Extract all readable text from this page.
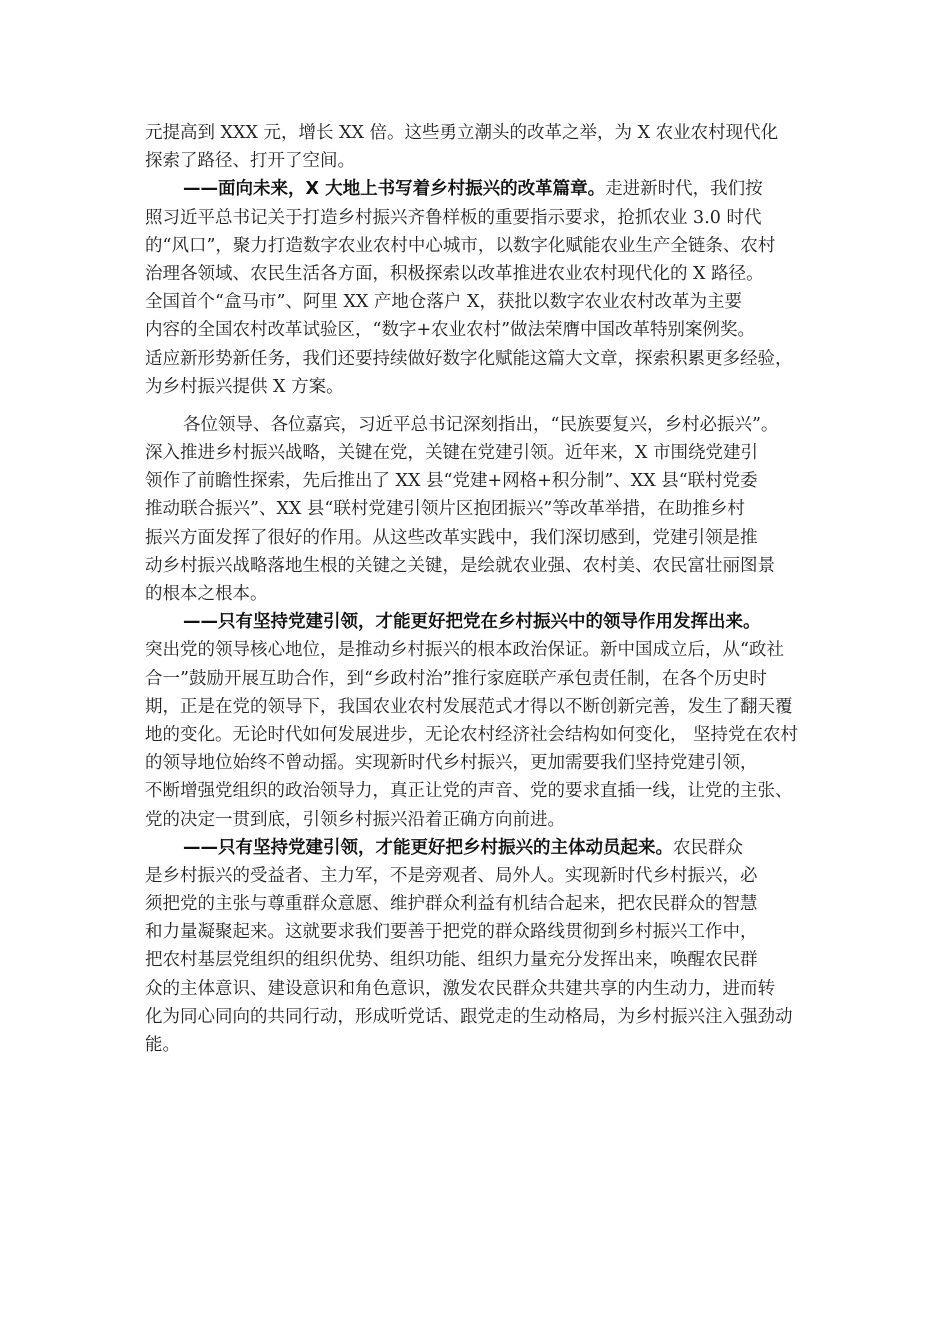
元提高到 XXX 元，增长 XX 倍。这些勇立潮头的改革之举，为 X 农业农村现代化
探索了路径、打开了空间。
——面向未来，X 大地上书写着乡村振兴的改革篇章。走进新时代，我们按
照习近平总书记关于打造乡村振兴齐鲁样板的重要指示要求，抢抓农业 3.0 时代
的“风口”，聚力打造数字农业农村中心城市，以数字化赋能农业生产全链条、农村
治理各领域、农民生活各方面，积极探索以改革推进农业农村现代化的 X 路径。
全国首个“盒马市”、阿里 XX 产地仓落户 X，获批以数字农业农村改革为主要
内容的全国农村改革试验区，“数字+农业农村”做法荣膺中国改革特别案例奖。
适应新形势新任务，我们还要持续做好数字化赋能这篇大文章，探索积累更多经验，
为乡村振兴提供 X 方案。
各位领导、各位嘉宾，习近平总书记深刻指出，“民族要复兴，乡村必振兴”。
深入推进乡村振兴战略，关键在党，关键在党建引领。近年来，X 市围绕党建引
领作了前瞻性探索，先后推出了 XX 县“党建+网格+积分制”、XX 县“联村党委
推动联合振兴”、XX 县“联村党建引领片区抱团振兴”等改革举措，在助推乡村
振兴方面发挥了很好的作用。从这些改革实践中，我们深切感到，党建引领是推
动乡村振兴战略落地生根的关键之关键，是绘就农业强、农村美、农民富壮丽图景
的根本之根本。
——只有坚持党建引领，才能更好把党在乡村振兴中的领导作用发挥出来。
突出党的领导核心地位，是推动乡村振兴的根本政治保证。新中国成立后，从“政社
合一”鼓励开展互助合作，到“乡政村治”推行家庭联产承包责任制，在各个历史时
期，正是在党的领导下，我国农业农村发展范式才得以不断创新完善，发生了翻天覆
地的变化。无论时代如何发展进步，无论农村经济社会结构如何变化， 坚持党在农村
的领导地位始终不曾动摇。实现新时代乡村振兴，更加需要我们坚持党建引领，
不断增强党组织的政治领导力，真正让党的声音、党的要求直插一线，让党的主张、
党的决定一贯到底，引领乡村振兴沿着正确方向前进。
——只有坚持党建引领，才能更好把乡村振兴的主体动员起来。农民群众
是乡村振兴的受益者、主力军，不是旁观者、局外人。实现新时代乡村振兴，必
须把党的主张与尊重群众意愿、维护群众利益有机结合起来，把农民群众的智慧
和力量凝聚起来。这就要求我们要善于把党的群众路线贯彻到乡村振兴工作中，
把农村基层党组织的组织优势、组织功能、组织力量充分发挥出来，唤醒农民群
众的主体意识、建设意识和角色意识，激发农民群众共建共享的内生动力，进而转
化为同心同向的共同行动，形成听党话、跟党走的生动格局，为乡村振兴注入强劲动
能。
